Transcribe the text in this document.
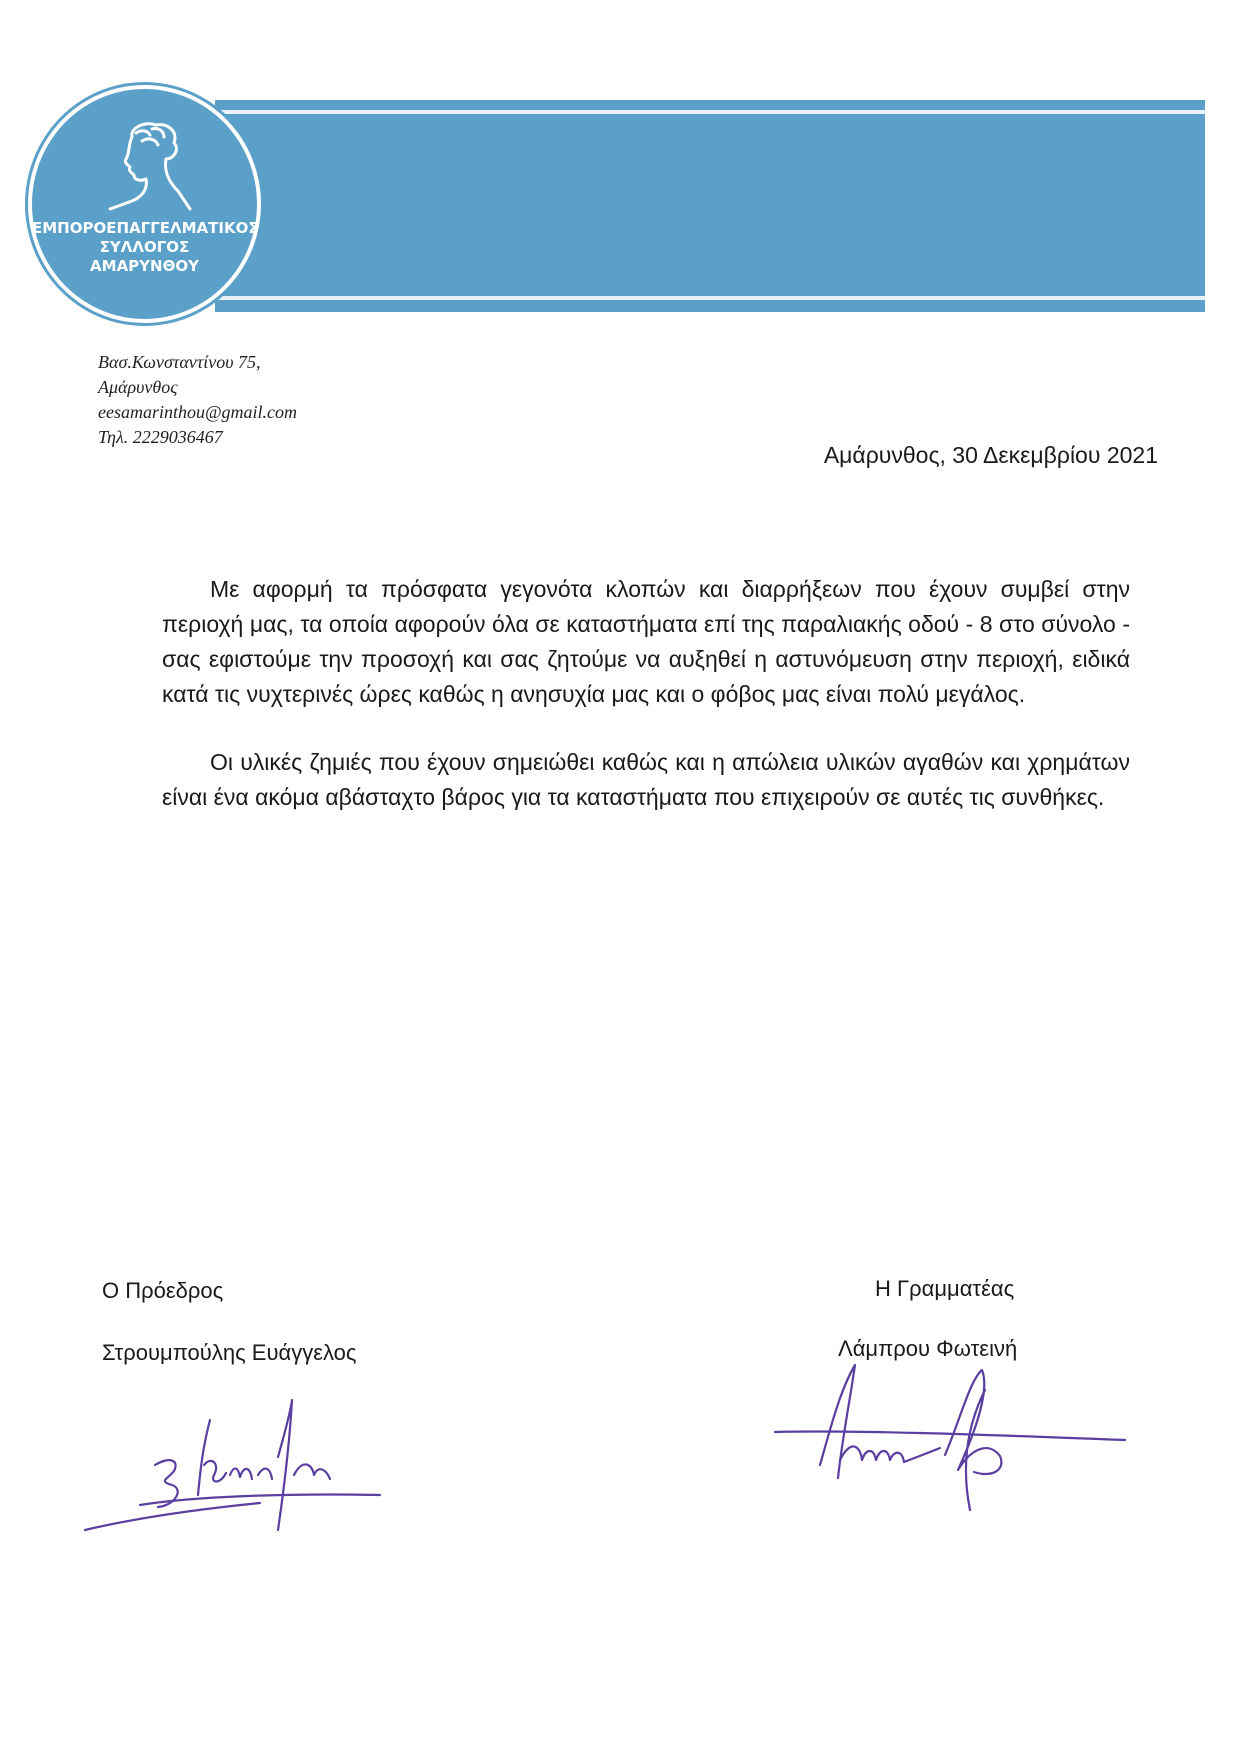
ΕΜΠΟΡΟΕΠΑΓΓΕΛΜΑΤΙΚΟΣ
ΣΥΛΛΟΓΟΣ
ΑΜΑΡΥΝΘΟΥ
Βασ.Κωνσταντίνου 75,
Αμάρυνθος
eesamarinthou@gmail.com
Τηλ. 2229036467
Αμάρυνθος, 30 Δεκεμβρίου 2021

Με αφορμή τα πρόσφατα γεγονότα κλοπών και διαρρήξεων που έχουν συμβεί στην περιοχή μας, τα οποία αφορούν όλα σε καταστήματα επί της παραλιακής οδού - 8 στο σύνολο - σας εφιστούμε την προσοχή και σας ζητούμε να αυξηθεί η αστυνόμευση στην περιοχή, ειδικά κατά τις νυχτερινές ώρες καθώς η ανησυχία μας και ο φόβος μας είναι πολύ μεγάλος.

Οι υλικές ζημιές που έχουν σημειώθει καθώς και η απώλεια υλικών αγαθών και χρημάτων είναι ένα ακόμα αβάσταχτο βάρος για τα καταστήματα που επιχειρούν σε αυτές τις συνθήκες.

Ο Πρόεδρος
Στρουμπούλης Ευάγγελος
Η Γραμματέας
Λάμπρου Φωτεινή
